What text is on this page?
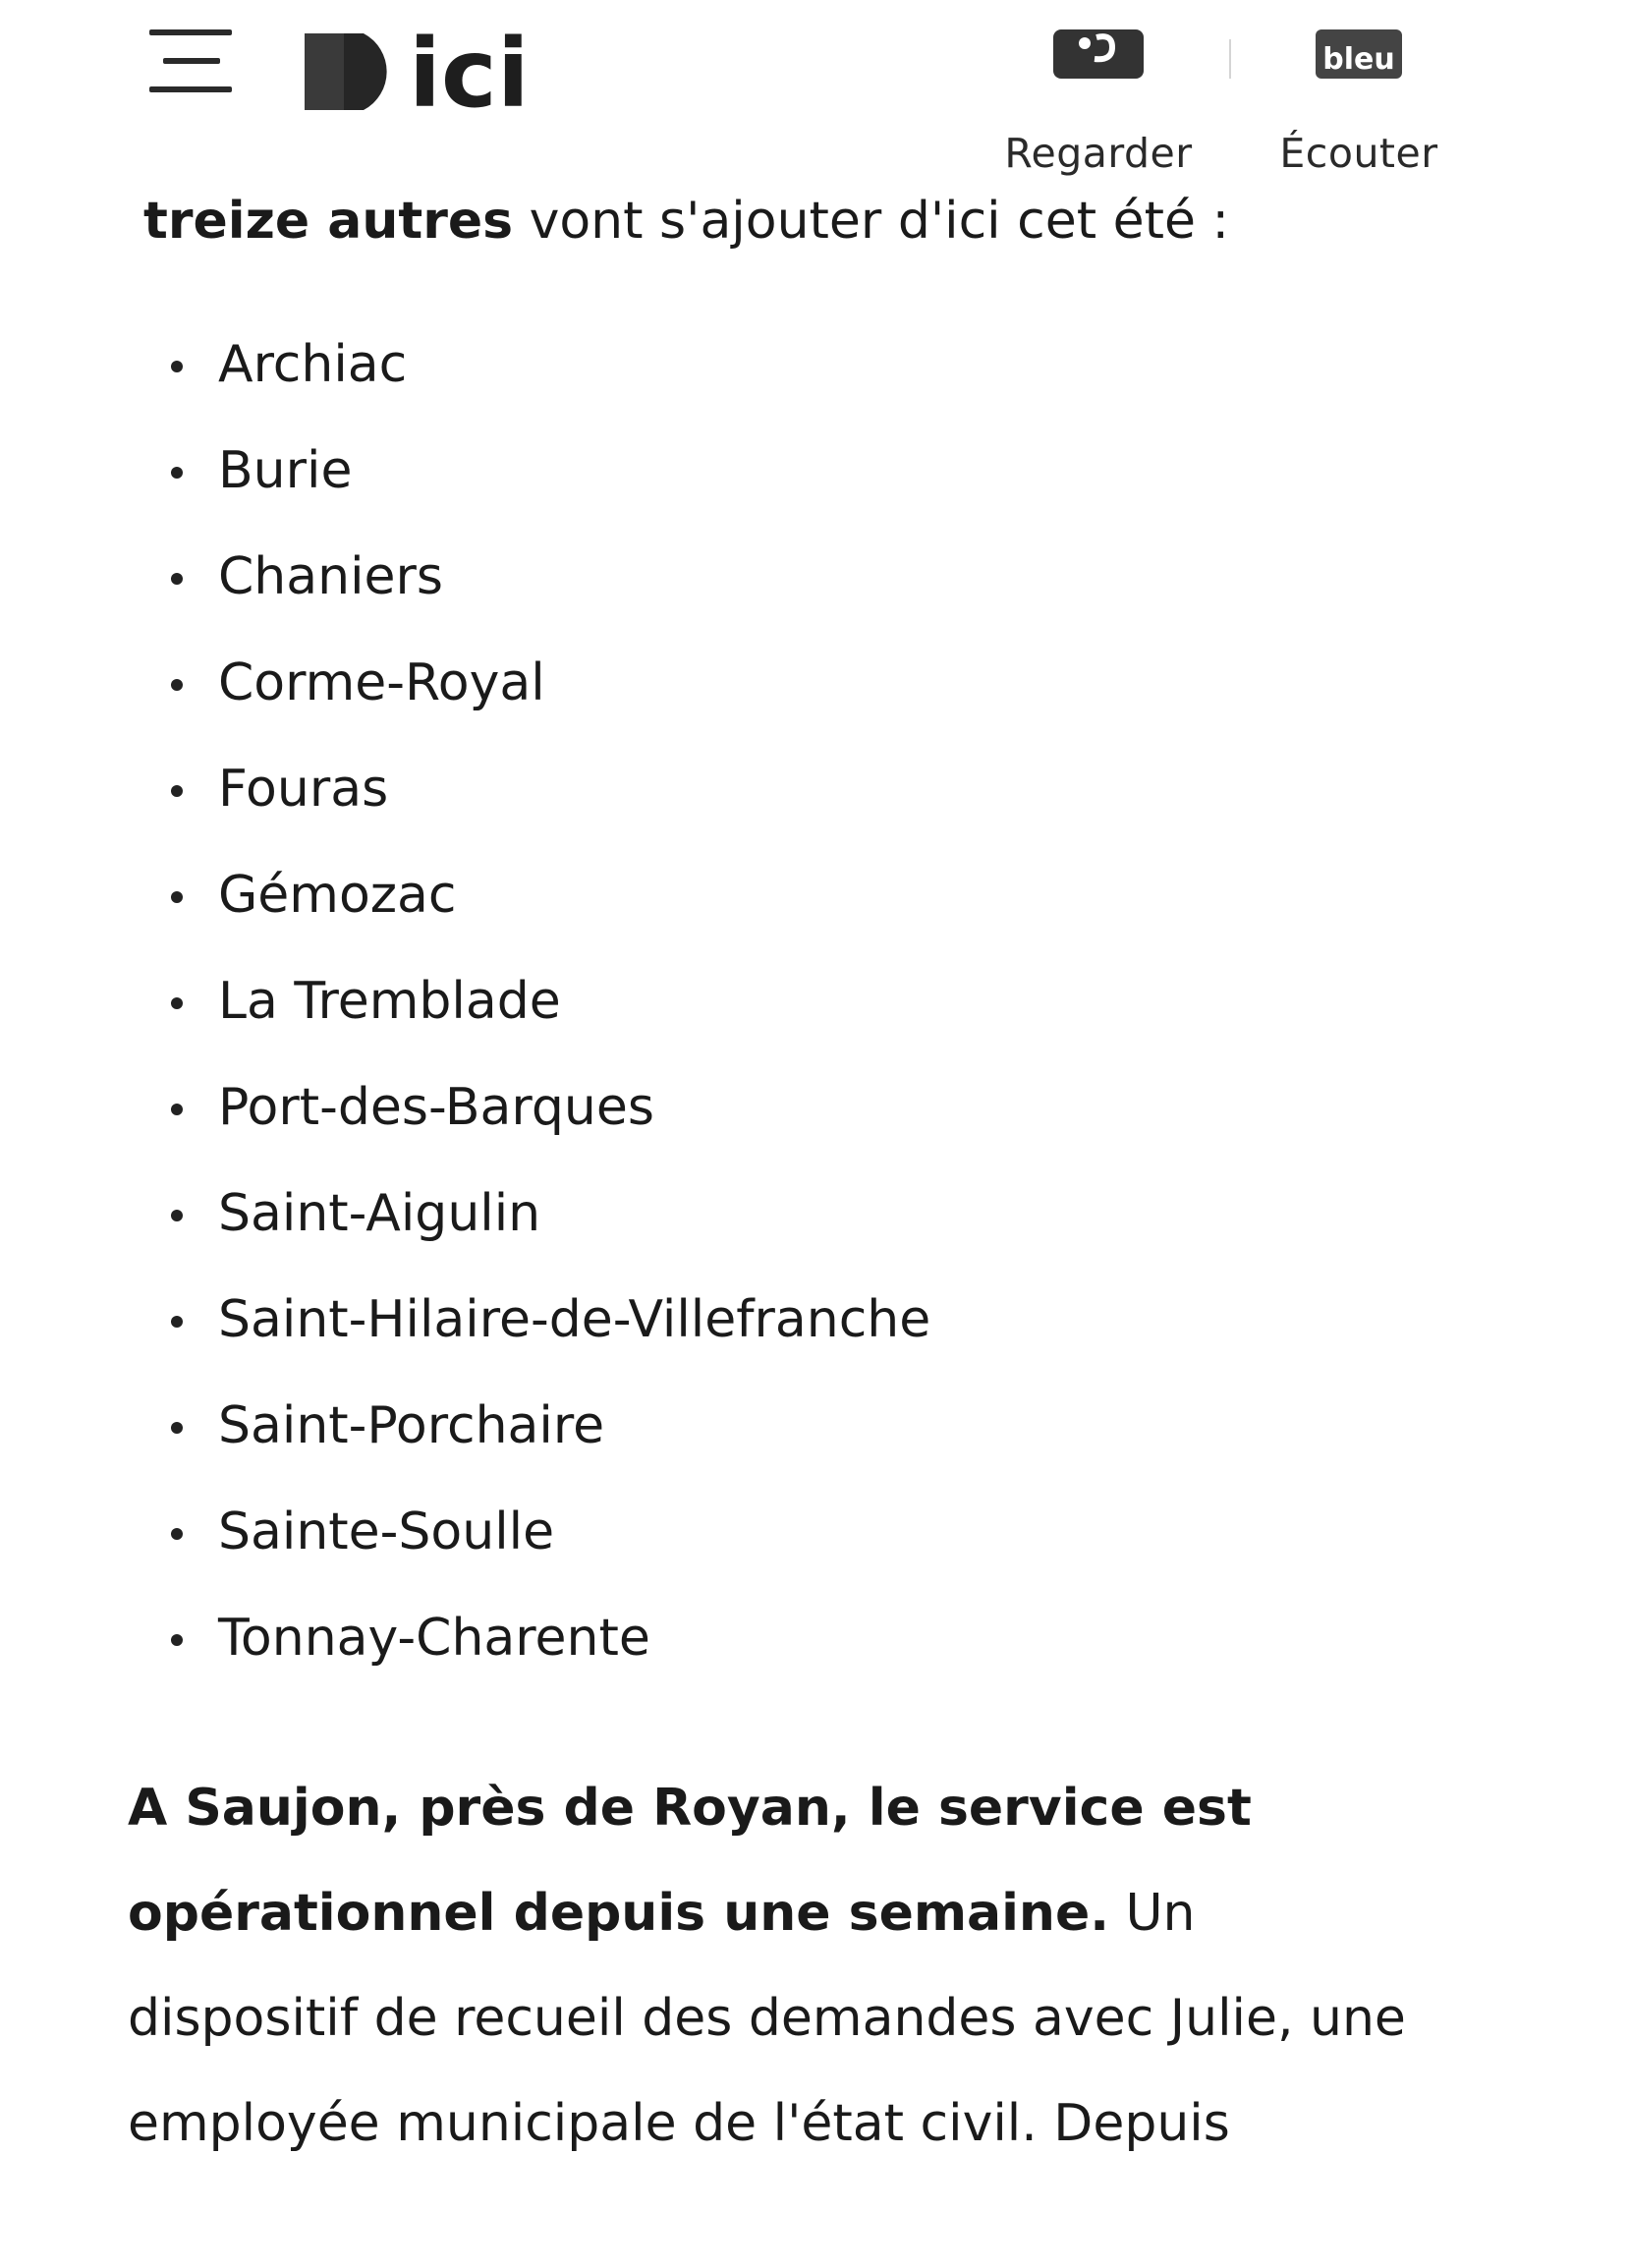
ici
Regarder
bleu
Écouter

treize autres vont s'ajouter d'ici cet été :

Archiac
Burie
Chaniers
Corme-Royal
Fouras
Gémozac
La Tremblade
Port-des-Barques
Saint-Aigulin
Saint-Hilaire-de-Villefranche
Saint-Porchaire
Sainte-Soulle
Tonnay-Charente

A Saujon, près de Royan, le service est opérationnel depuis une semaine. Un dispositif de recueil des demandes avec Julie, une employée municipale de l'état civil. Depuis
